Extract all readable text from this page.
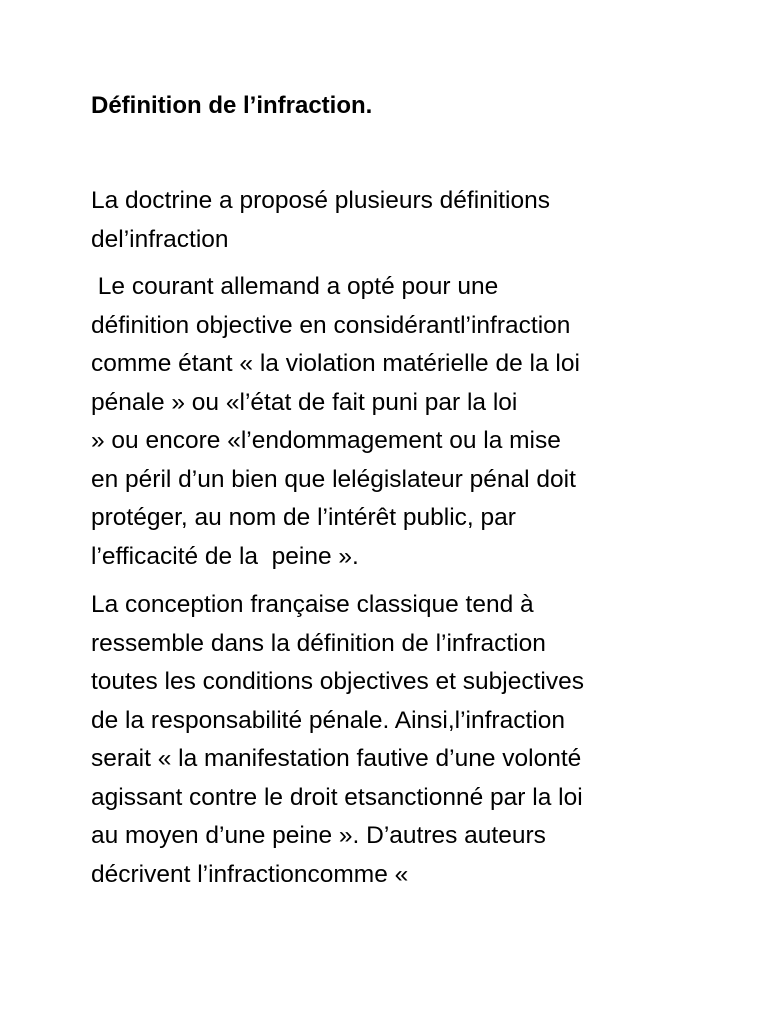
Définition de l’infraction.

La doctrine a proposé plusieurs définitions
del’infraction

Le courant allemand a opté pour une
définition objective en considérantl’infraction
comme étant « la violation matérielle de la loi
pénale » ou «l’état de fait puni par la loi
» ou encore «l’endommagement ou la mise
en péril d’un bien que lelégislateur pénal doit
protéger, au nom de l’intérêt public, par
l’efficacité de la  peine ».

La conception française classique tend à
ressemble dans la définition de l’infraction
toutes les conditions objectives et subjectives
de la responsabilité pénale. Ainsi,l’infraction
serait « la manifestation fautive d’une volonté
agissant contre le droit etsanctionné par la loi
au moyen d’une peine ». D’autres auteurs
décrivent l’infractioncomme «
